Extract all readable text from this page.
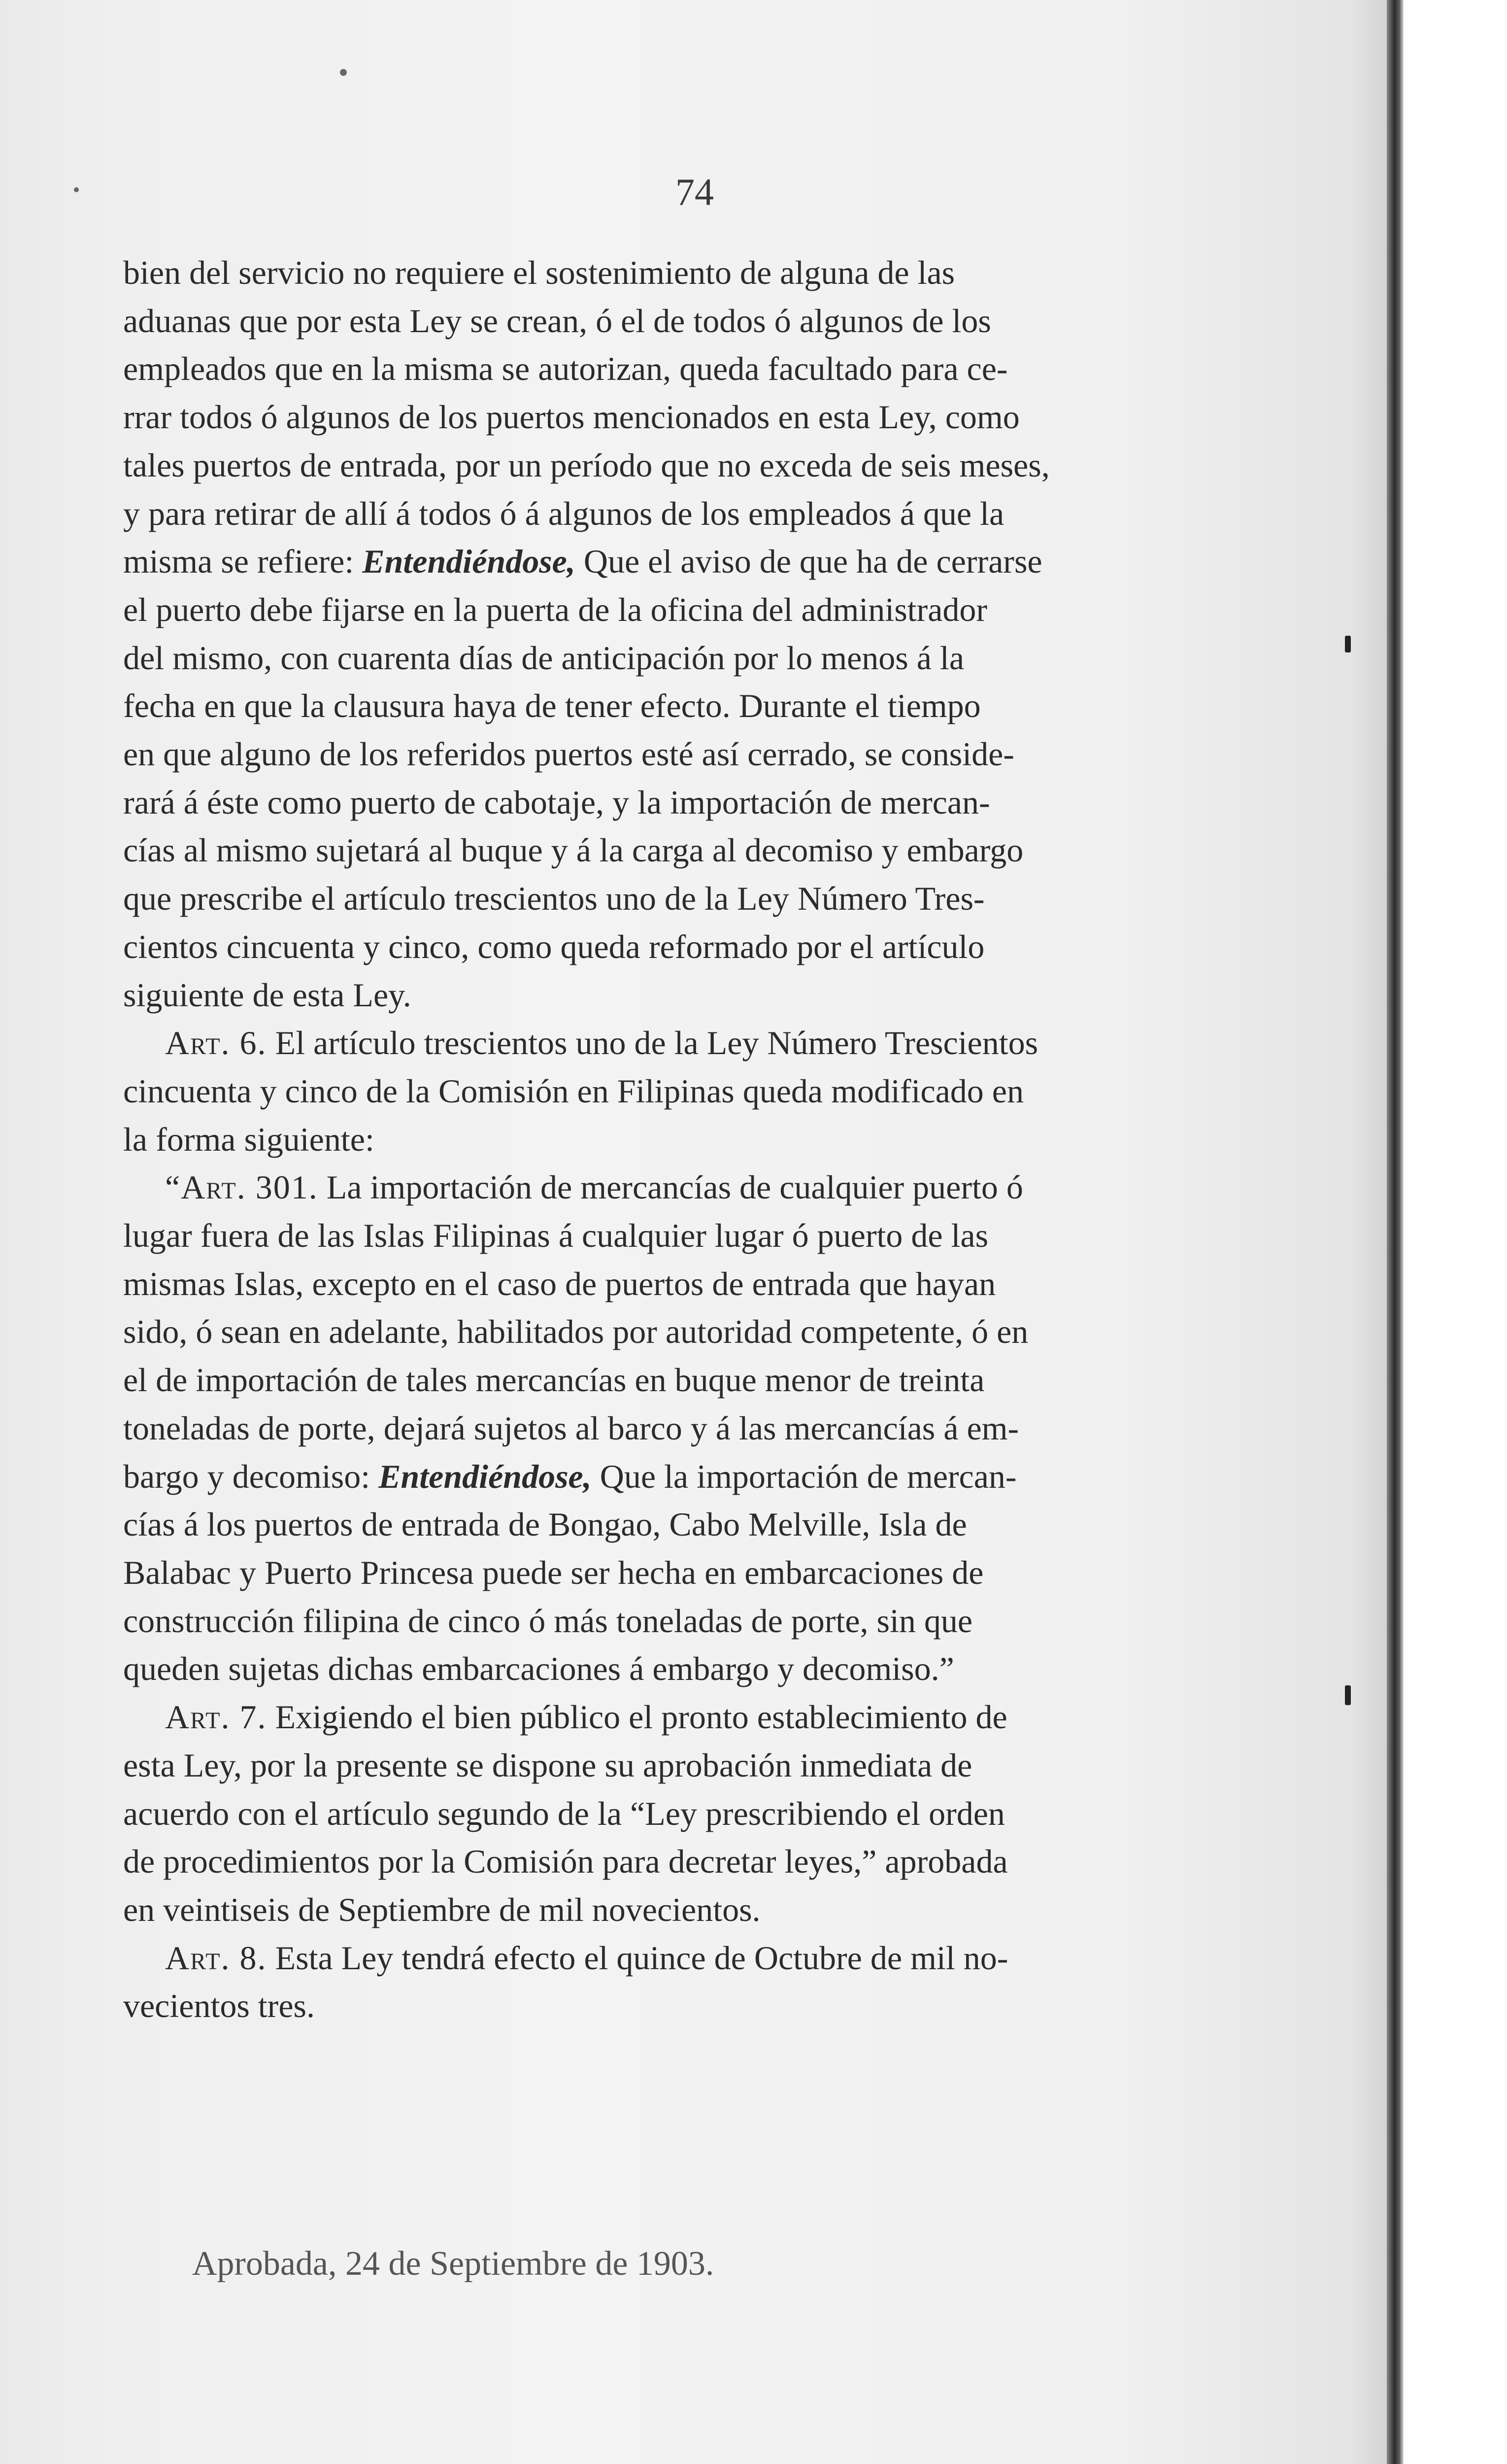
74

bien del servicio no requiere el sostenimiento de alguna de las

aduanas que por esta Ley se crean, ó el de todos ó algunos de los

empleados que en la misma se autorizan, queda facultado para ce-

rrar todos ó algunos de los puertos mencionados en esta Ley, como

tales puertos de entrada, por un período que no exceda de seis meses,

y para retirar de allí á todos ó á algunos de los empleados á que la

misma se refiere: Entendiéndose, Que el aviso de que ha de cerrarse

el puerto debe fijarse en la puerta de la oficina del administrador

del mismo, con cuarenta días de anticipación por lo menos á la

fecha en que la clausura haya de tener efecto. Durante el tiempo

en que alguno de los referidos puertos esté así cerrado, se conside-

rará á éste como puerto de cabotaje, y la importación de mercan-

cías al mismo sujetará al buque y á la carga al decomiso y embargo

que prescribe el artículo trescientos uno de la Ley Número Tres-

cientos cincuenta y cinco, como queda reformado por el artículo

siguiente de esta Ley.

Art. 6. El artículo trescientos uno de la Ley Número Trescientos

cincuenta y cinco de la Comisión en Filipinas queda modificado en

la forma siguiente:

“Art. 301. La importación de mercancías de cualquier puerto ó

lugar fuera de las Islas Filipinas á cualquier lugar ó puerto de las

mismas Islas, excepto en el caso de puertos de entrada que hayan

sido, ó sean en adelante, habilitados por autoridad competente, ó en

el de importación de tales mercancías en buque menor de treinta

toneladas de porte, dejará sujetos al barco y á las mercancías á em-

bargo y decomiso: Entendiéndose, Que la importación de mercan-

cías á los puertos de entrada de Bongao, Cabo Melville, Isla de

Balabac y Puerto Princesa puede ser hecha en embarcaciones de

construcción filipina de cinco ó más toneladas de porte, sin que

queden sujetas dichas embarcaciones á embargo y decomiso.”

Art. 7. Exigiendo el bien público el pronto establecimiento de

esta Ley, por la presente se dispone su aprobación inmediata de

acuerdo con el artículo segundo de la “Ley prescribiendo el orden

de procedimientos por la Comisión para decretar leyes,” aprobada

en veintiseis de Septiembre de mil novecientos.

Art. 8. Esta Ley tendrá efecto el quince de Octubre de mil no-

vecientos tres.

Aprobada, 24 de Septiembre de 1903.
